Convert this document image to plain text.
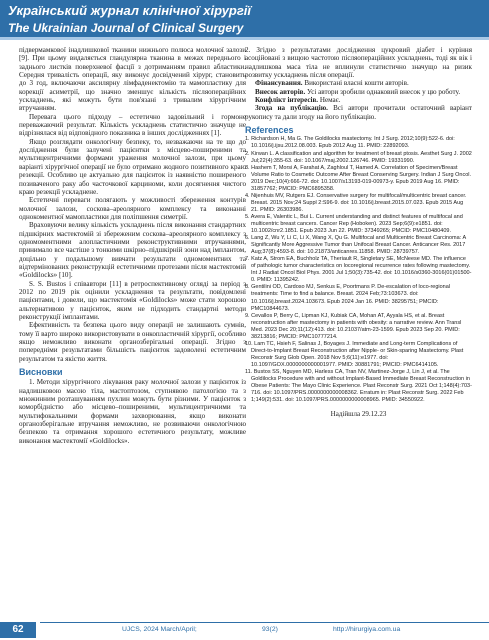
Український журнал клінічної хірургії
The Ukrainian Journal of Clinical Surgery

підвермамкової інадлишкової тканини нижнього полюса молочної залози [9]. При цьому видаляється гландулярна тканина в межах переднього і заднього листків поверхневої фасції з дотриманням правил абластики. Середня тривалість операції, яку виконує досвідчений хірург, становить до 3 год, включаючи аксилярну лімфаденектомію та мамопластику для корекції асиметрії, що значно зменшує кількість післяопераційних ускладнень, які можуть бути пов'язані з тривалим хірургічним втручанням.

Перевага цього підходу – естетично задовільний і гормоне переважаючий результат. Кількість ускладнень статистично значуще не відрізнялася від відповідного показника в інших дослідженнях [1].

Якщо розглядати онкологічну безпеку, то, незважаючи на те що до дослідження були залучені пацієнтки з місцево-поширеними та мультицентричними формами ураження молочної залози, при цьому варіанті хірургічної операції не було отримано жодного позитивного краю резекції. Особливо це актуально для пацієнток із наявністю поширеного позиваченого раку або часточкової карциноми, коли досягнення чистого краю резекції ускладнене.

Естетичні переваги полягають у можливості збереження контурів молочної залози, соскова–ареолярного комплексу та виконанні однокоментної мамопластики для поліпшення симетрії.

Враховуючи велику кількість ускладнень після виконання стандартних підшкірних мастектомій зі збереженим соскова–ареолярного комплексу з одномоментними алопластичними реконструктивними втручаннями, принимало все частіше з тонкими шкірно–підшкірній зони над імплантом, доцільно у подальшому вивчати результати одномоментних та відтермінованих реконструкцій естетичними протезами після мастектомій «Goldilocks» [10].

S. S. Bustos і співавтори [11] в ретроспективному огляді за період з 2012 по 2019 рік оцінили ускладнення та результати, повідомлені пацієнтами, і довели, що мастектомія «Goldilocks» може стати хорошою альтернативою у пацієнток, яким не підходить стандартні методи реконструкції імплантами.

Ефективність та безпека цього виду операції не залишають сумнів, тому її варто широко використовувати в онкопластичній хірургії, особливо якщо неможливо виконати органозберігальні операції. Згідно з попередніми результатами більшість пацієнток задоволені естетичним результатом та якістю життя.

Висновки

1. Методи хірургічного лікування раку молочної залози у пацієнток із надлишковою масою тіла, мастоптозом, ступнявою патологією та з множинним розташуванням пухлин можуть бути різними. У пацієнток з коморбідністю або місцево–поширеними, мультицентричними та мультифокальними формами захворювання, якщо виконати органозберігальне втручання неможливо, не розвиваючи онкологічною безпекою та отримання хорошого естетичного результату, можливе виконання мастектомії «Goldilocks».

2. Згідно з результатами дослідження цукровий діабет і куріння асоційовані з вищою частотою післяопераційних ускладнень, тоді як вік і надлишкова маса тіла не вплинули статистично значущо на ризик розвитку ускладнень після операції.

Фінансування. Використані власні кошти авторів.

Внесок авторів. Усі автори зробили однаковий внесок у цю роботу.

Конфлікт інтересів. Немає.

Згода на публікацію. Всі автори прочитали остаточний варіант рукопису та дали згоду на його публікацію.

References
1. Richardson H, Ma G. The Goldilocks mastectomy. Int J Surg. 2012;10(9):522-6. doi: 10.1016/j.ijsu.2012.08.003. Epub 2012 Aug 11. PMID: 22892093.
2. Kirwan L. A classification and algorithm for treatment of breast ptosis. Aesthet Surg J. 2002 Jul;22(4):355-63. doi: 10.1067/maj.2002.126746. PMID: 19331990.
3. Hashem T, Morsi A, Farahat A, Zaghloul T, Hamed A. Correlation of Specimen/Breast Volume Ratio to Cosmetic Outcome After Breast Conserving Surgery. Indian J Surg Oncol. 2019 Dec;10(4):666-72. doi: 10.1007/s13193-019-00973-y. Epub 2019 Aug 16. PMID: 31857762; PMCID: PMC6895358.
4. Nijenhuis MV, Rutgers EJ. Conservative surgery for multifocal/multicentric breast cancer. Breast. 2015 Nov;24 Suppl 2:S96-9. doi: 10.1016/j.breast.2015.07.023. Epub 2015 Aug 21. PMID: 26303986.
5. Avera E, Valentic L, Bui L. Current understanding and distinct features of multifocal and multicentric breast cancers. Cancer Rep (Hoboken). 2023 Sep;6(9):e1851. doi: 10.1002/cnr2.1851. Epub 2023 Jun 22. PMID: 37349265; PMCID: PMC10480409.
6. Lang Z, Wu Y, Li C, Li X, Wang X, Qu G. Multifocal and Multicentric Breast Carcinoma: A Significantly More Aggressive Tumor than Unifocal Breast Cancer. Anticancer Res. 2017 Aug;37(8):4593-8. doi: 10.21873/anticanres.11858. PMID: 28739757.
7. Katz A, Strom EA, Buchholz TA, Theriault R, Singletary SE, McNeese MD. The influence of pathologic tumor characteristics on locoregional recurrence rates following mastectomy. Int J Radiat Oncol Biol Phys. 2001 Jul 1;50(3):735-42. doi: 10.1016/s0360-3016(01)01500-0. PMID: 11395242.
8. Gentilini OD, Cardoso MJ, Senkus E, Poortmans P. De-escalation of loco-regional treatments: Time to find a balance. Breast. 2024 Feb;73:103673. doi: 10.1016/j.breast.2024.103673. Epub 2024 Jan 16. PMID: 38295751; PMCID: PMC10844673.
9. Cevallos P, Berry C, Lipman KJ, Kubiak CA, Mohan AT, Ayyala HS, et al. Breast reconstruction after mastectomy in patients with obesity: a narrative review. Ann Transl Med. 2023 Dec 20;11(12):413. doi: 10.21037/atm-23-1599. Epub 2023 Sep 20. PMID: 38213816; PMCID: PMC10777214.
10. Lam TC, Hsieh F, Salinas J, Boyages J. Immediate and Long-term Complications of Direct-to-Implant Breast Reconstruction after Nipple- or Skin-sparing Mastectomy. Plast Reconstr Surg Glob Open. 2018 Nov 5;6(11):e1977. doi: 10.1097/GOX.0000000000001977. PMID: 30881791; PMCID: PMC6414105.
11. Bustos SS, Nguyen MD, Harless CA, Tran NV, Martinez-Jorge J, Lin J, et al. The Goldilocks Procedure with and without Implant-Based Immediate Breast Reconstruction in Obese Patients: The Mayo Clinic Experience. Plast Reconstr Surg. 2021 Oct 1;148(4):703-716. doi: 10.1097/PRS.0000000000008362. Erratum in: Plast Reconstr Surg. 2022 Feb 1;149(2):531. doi: 10.1097/PRS.0000000000008965. PMID: 34550922.
Надійшла 29.12.23
62	UJCS, 2024 March/April;	93(2)	http://hirurgiya.com.ua
